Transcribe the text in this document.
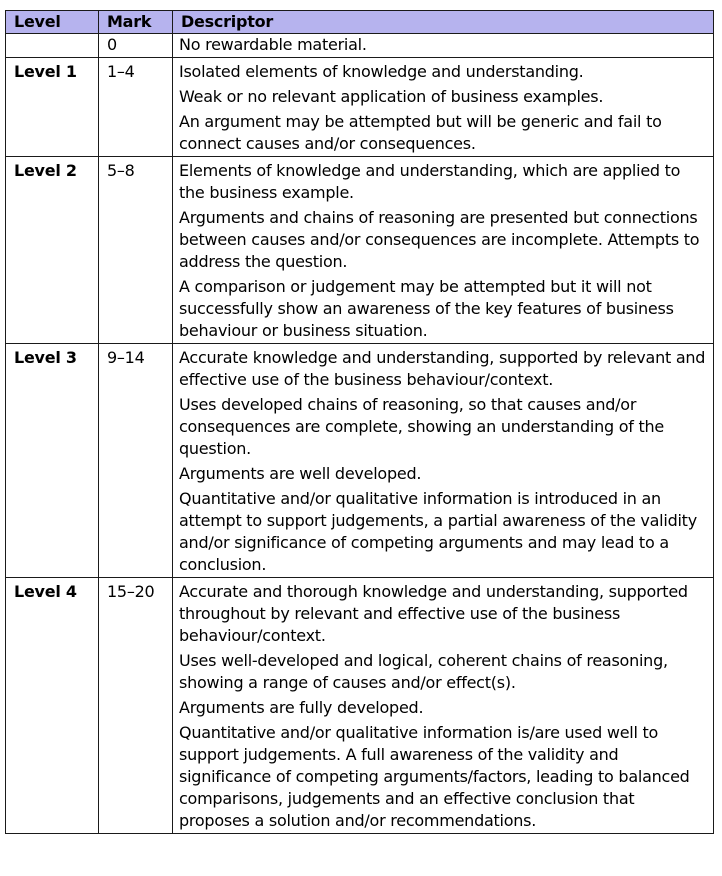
Level	Mark	Descriptor
	0	No rewardable material.

Level 1	1–4	Isolated elements of knowledge and understanding.
Weak or no relevant application of business examples.
An argument may be attempted but will be generic and fail to connect causes and/or consequences.

Level 2	5–8	Elements of knowledge and understanding, which are applied to the business example.
Arguments and chains of reasoning are presented but connections between causes and/or consequences are incomplete. Attempts to address the question.
A comparison or judgement may be attempted but it will not successfully show an awareness of the key features of business behaviour or business situation.

Level 3	9–14	Accurate knowledge and understanding, supported by relevant and effective use of the business behaviour/context.
Uses developed chains of reasoning, so that causes and/or consequences are complete, showing an understanding of the question.
Arguments are well developed.
Quantitative and/or qualitative information is introduced in an attempt to support judgements, a partial awareness of the validity and/or significance of competing arguments and may lead to a conclusion.

Level 4	15–20	Accurate and thorough knowledge and understanding, supported throughout by relevant and effective use of the business behaviour/context.
Uses well-developed and logical, coherent chains of reasoning, showing a range of causes and/or effect(s).
Arguments are fully developed.
Quantitative and/or qualitative information is/are used well to support judgements. A full awareness of the validity and significance of competing arguments/factors, leading to balanced comparisons, judgements and an effective conclusion that proposes a solution and/or recommendations.
